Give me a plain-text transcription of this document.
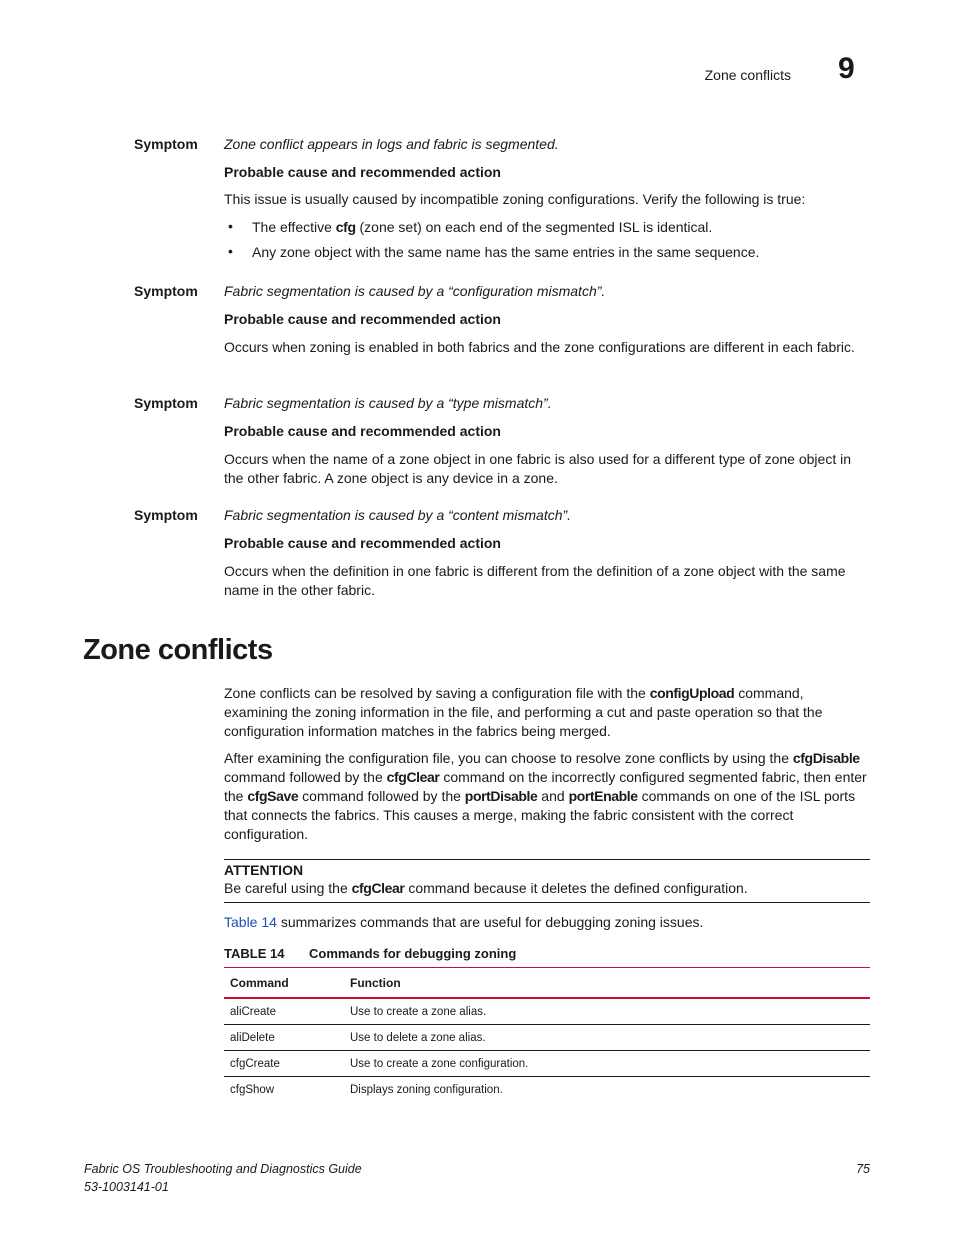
Zone conflicts 9
Symptom Zone conflict appears in logs and fabric is segmented.
Probable cause and recommended action
This issue is usually caused by incompatible zoning configurations. Verify the following is true:
• The effective cfg (zone set) on each end of the segmented ISL is identical.
• Any zone object with the same name has the same entries in the same sequence.
Symptom Fabric segmentation is caused by a “configuration mismatch”.
Probable cause and recommended action
Occurs when zoning is enabled in both fabrics and the zone configurations are different in each fabric.
Symptom Fabric segmentation is caused by a “type mismatch”.
Probable cause and recommended action
Occurs when the name of a zone object in one fabric is also used for a different type of zone object in the other fabric. A zone object is any device in a zone.
Symptom Fabric segmentation is caused by a “content mismatch”.
Probable cause and recommended action
Occurs when the definition in one fabric is different from the definition of a zone object with the same name in the other fabric.
Zone conflicts
Zone conflicts can be resolved by saving a configuration file with the configUpload command, examining the zoning information in the file, and performing a cut and paste operation so that the configuration information matches in the fabrics being merged.
After examining the configuration file, you can choose to resolve zone conflicts by using the cfgDisable command followed by the cfgClear command on the incorrectly configured segmented fabric, then enter the cfgSave command followed by the portDisable and portEnable commands on one of the ISL ports that connects the fabrics. This causes a merge, making the fabric consistent with the correct configuration.
ATTENTION
Be careful using the cfgClear command because it deletes the defined configuration.
Table 14 summarizes commands that are useful for debugging zoning issues.
TABLE 14 Commands for debugging zoning
Command	Function
aliCreate	Use to create a zone alias.
aliDelete	Use to delete a zone alias.
cfgCreate	Use to create a zone configuration.
cfgShow	Displays zoning configuration.
Fabric OS Troubleshooting and Diagnostics Guide
53-1003141-01
75
